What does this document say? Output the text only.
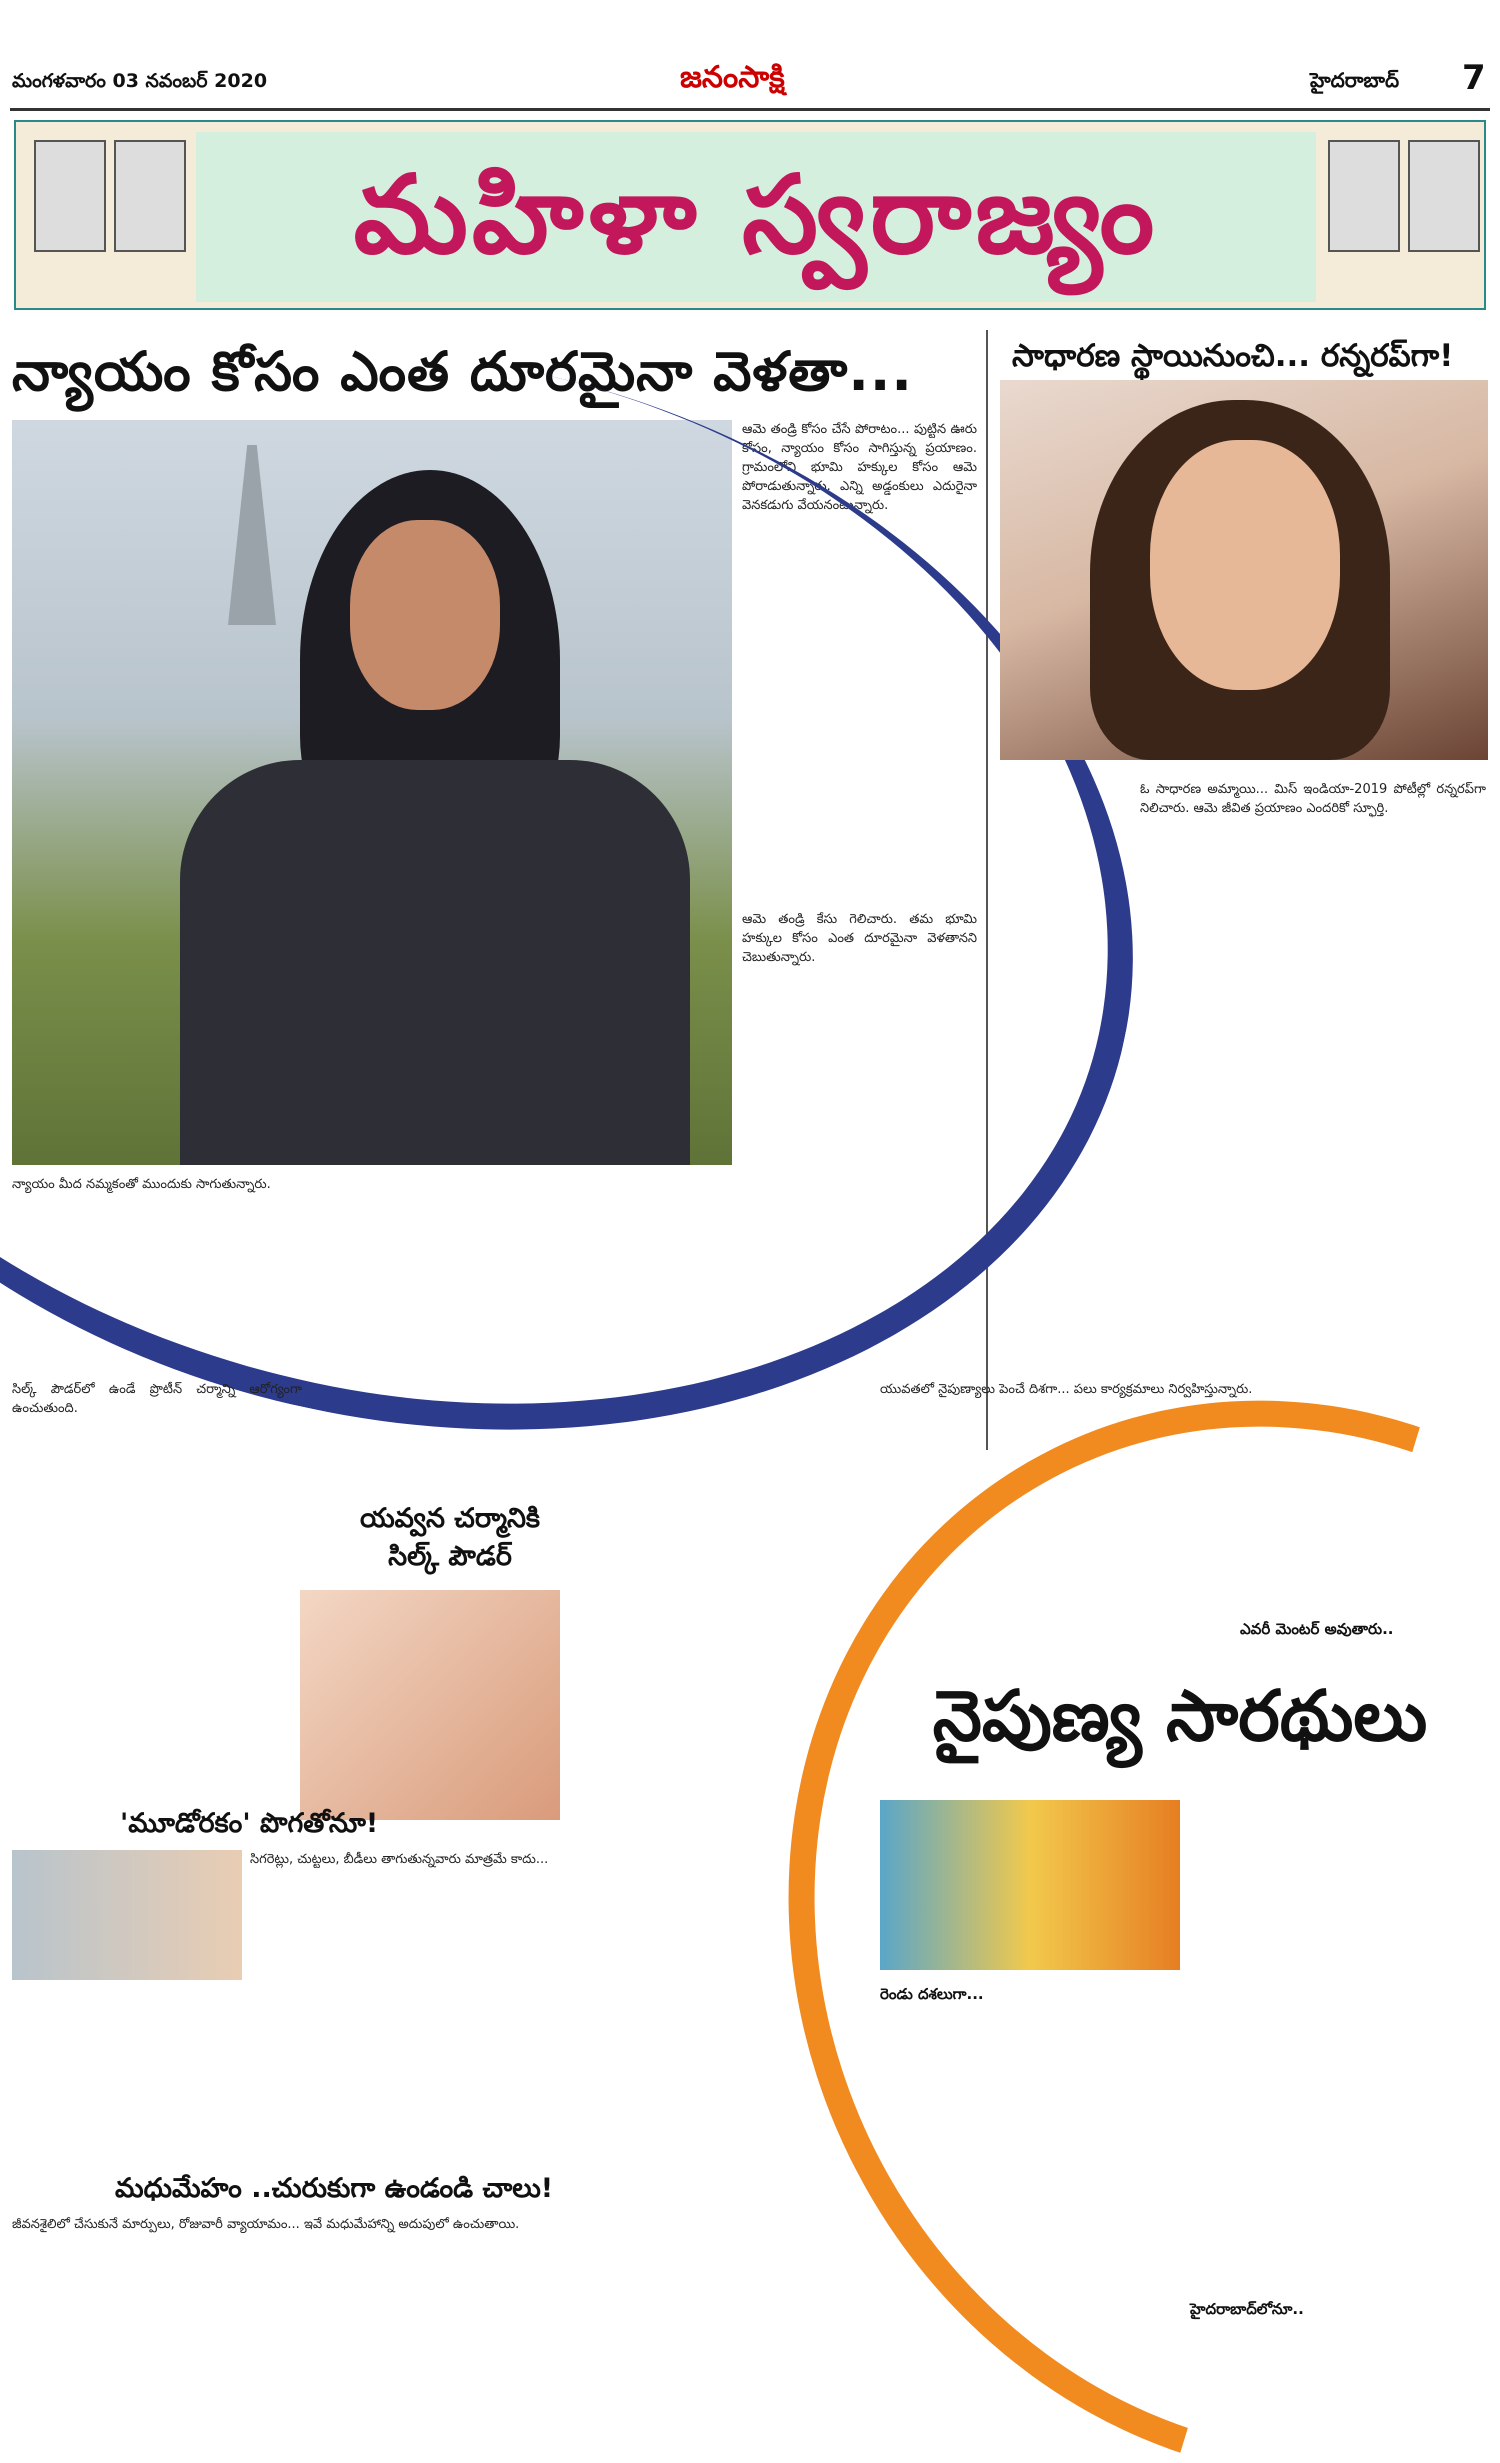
మంగళవారం 03 నవంబర్ 2020	జనంసాక్షి	హైదరాబాద్ 7
మహిళా స్వరాజ్యం
న్యాయం కోసం ఎంత దూరమైనా వెళతా...
ఆమె తండ్రి కోసం చేసే పోరాటం... పుట్టిన ఊరు కోసం, న్యాయం కోసం సాగిస్తున్న ప్రయాణం. గ్రామంలోని భూమి హక్కుల కోసం ఆమె పోరాడుతున్నారు. ఎన్ని అడ్డంకులు ఎదురైనా వెనకడుగు వేయనంటున్నారు.
ఆమె తండ్రి కేసు గెలిచారు. తమ భూమి హక్కుల కోసం ఎంత దూరమైనా వెళతానని చెబుతున్నారు.
న్యాయం మీద నమ్మకంతో ముందుకు సాగుతున్నారు.
సాధారణ స్థాయినుంచి... రన్నరప్‌గా!
ఓ సాధారణ అమ్మాయి... మిస్ ఇండియా-2019 పోటీల్లో రన్నరప్‌గా నిలిచారు. ఆమె జీవిత ప్రయాణం ఎందరికో స్ఫూర్తి.
సిల్క్ పౌడర్‌లో ఉండే ప్రొటీన్ చర్మాన్ని ఆరోగ్యంగా ఉంచుతుంది.
యవ్వన చర్మానికి సిల్క్ పౌడర్
'మూడోరకం' పొగతోనూ!
సిగరెట్లు, చుట్టలు, బీడీలు తాగుతున్నవారు మాత్రమే కాదు...
మధుమేహం ..చురుకుగా ఉండండి చాలు!
జీవనశైలిలో చేసుకునే మార్పులు, రోజువారీ వ్యాయామం... ఇవే మధుమేహాన్ని అదుపులో ఉంచుతాయి.
నైపుణ్య సారథులు
యువతలో నైపుణ్యాలు పెంచే దిశగా... పలు కార్యక్రమాలు నిర్వహిస్తున్నారు.
రెండు దశలుగా...
ఎవరీ మెంటర్ అవుతారు..
హైదరాబాద్‌లోనూ..
